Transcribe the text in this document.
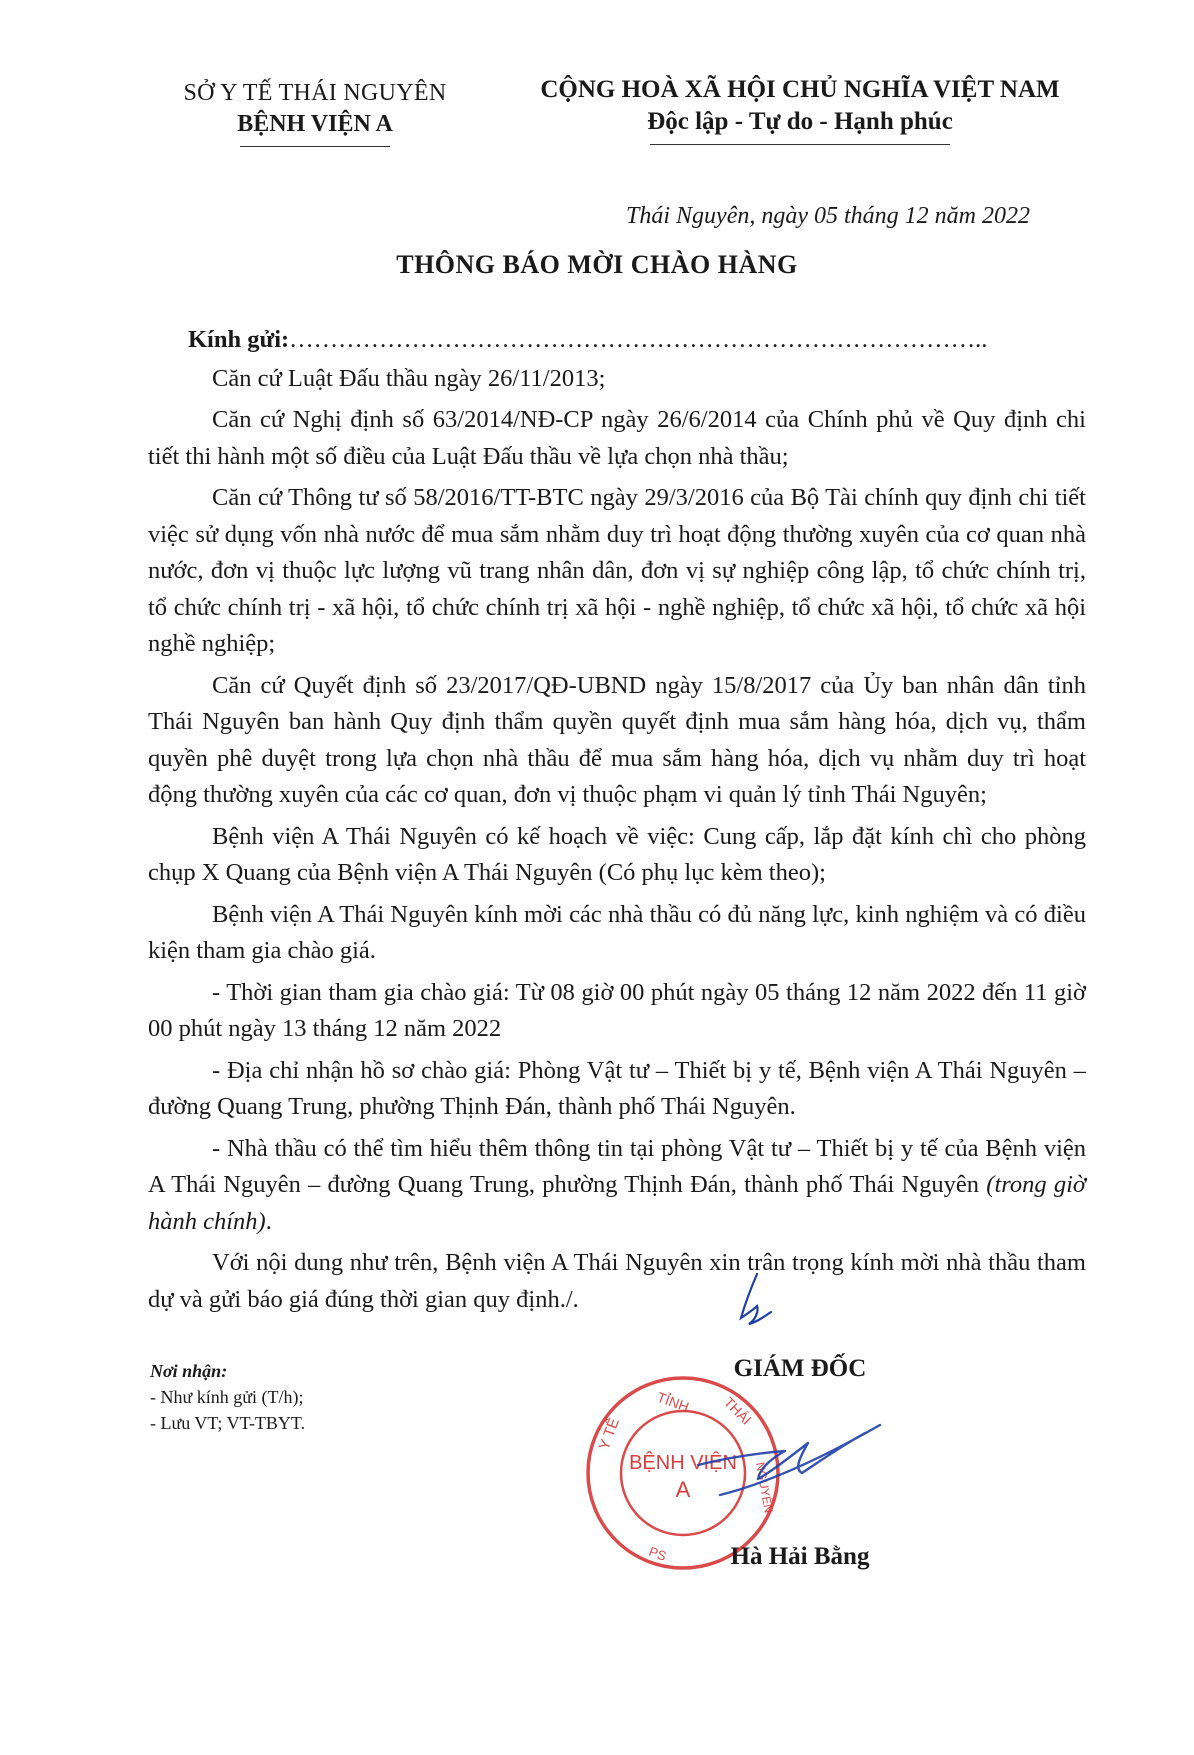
SỞ Y TẾ THÁI NGUYÊN
BỆNH VIỆN A
CỘNG HOÀ XÃ HỘI CHỦ NGHĨA VIỆT NAM
Độc lập - Tự do - Hạnh phúc
Thái Nguyên, ngày 05 tháng 12 năm 2022
THÔNG BÁO MỜI CHÀO HÀNG

Kính gửi:…………………………………………………………………………..

Căn cứ Luật Đấu thầu ngày 26/11/2013;

Căn cứ Nghị định số 63/2014/NĐ-CP ngày 26/6/2014 của Chính phủ về Quy định chi tiết thi hành một số điều của Luật Đấu thầu về lựa chọn nhà thầu;

Căn cứ Thông tư số 58/2016/TT-BTC ngày 29/3/2016 của Bộ Tài chính quy định chi tiết việc sử dụng vốn nhà nước để mua sắm nhằm duy trì hoạt động thường xuyên của cơ quan nhà nước, đơn vị thuộc lực lượng vũ trang nhân dân, đơn vị sự nghiệp công lập, tổ chức chính trị, tổ chức chính trị - xã hội, tổ chức chính trị xã hội - nghề nghiệp, tổ chức xã hội, tổ chức xã hội nghề nghiệp;

Căn cứ Quyết định số 23/2017/QĐ-UBND ngày 15/8/2017 của Ủy ban nhân dân tỉnh Thái Nguyên ban hành Quy định thẩm quyền quyết định mua sắm hàng hóa, dịch vụ, thẩm quyền phê duyệt trong lựa chọn nhà thầu để mua sắm hàng hóa, dịch vụ nhằm duy trì hoạt động thường xuyên của các cơ quan, đơn vị thuộc phạm vi quản lý tỉnh Thái Nguyên;

Bệnh viện A Thái Nguyên có kế hoạch về việc: Cung cấp, lắp đặt kính chì cho phòng chụp X Quang của Bệnh viện A Thái Nguyên (Có phụ lục kèm theo);

Bệnh viện A Thái Nguyên kính mời các nhà thầu có đủ năng lực, kinh nghiệm và có điều kiện tham gia chào giá.

- Thời gian tham gia chào giá: Từ 08 giờ 00 phút ngày 05 tháng 12 năm 2022 đến 11 giờ 00 phút ngày 13 tháng 12 năm 2022

- Địa chỉ nhận hồ sơ chào giá: Phòng Vật tư – Thiết bị y tế, Bệnh viện A Thái Nguyên – đường Quang Trung, phường Thịnh Đán, thành phố Thái Nguyên.

- Nhà thầu có thể tìm hiểu thêm thông tin tại phòng Vật tư – Thiết bị y tế của Bệnh viện A Thái Nguyên – đường Quang Trung, phường Thịnh Đán, thành phố Thái Nguyên (trong giờ hành chính).

Với nội dung như trên, Bệnh viện A Thái Nguyên xin trân trọng kính mời nhà thầu tham dự và gửi báo giá đúng thời gian quy định./.

Nơi nhận:
- Như kính gửi (T/h);
- Lưu VT; VT-TBYT.
GIÁM ĐỐC
Y TẾ
TỈNH THÁI
NGUYÊN
PS
BỆNH VIỆN
A
Hà Hải Bằng
